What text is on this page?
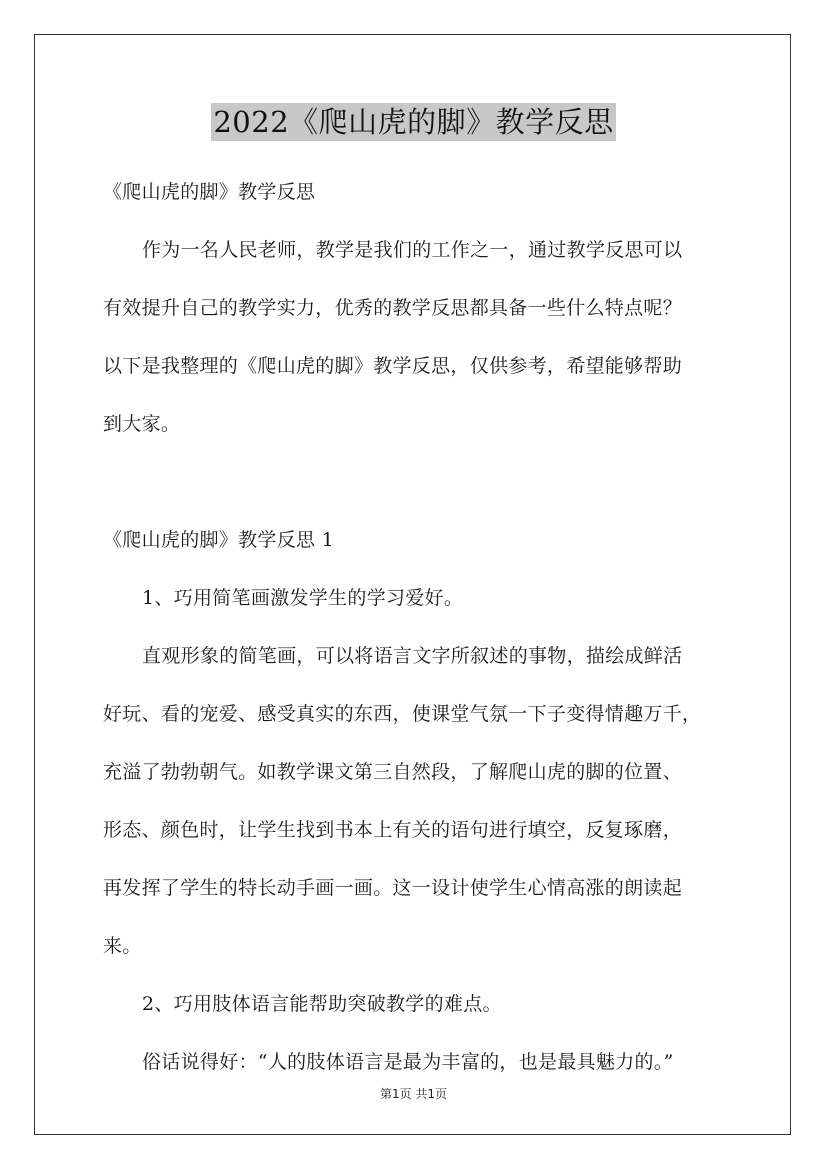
2022《爬山虎的脚》教学反思

《爬山虎的脚》教学反思

作为一名人民老师，教学是我们的工作之一，通过教学反思可以

有效提升自己的教学实力，优秀的教学反思都具备一些什么特点呢？

以下是我整理的《爬山虎的脚》教学反思，仅供参考，希望能够帮助

到大家。

《爬山虎的脚》教学反思 1

1、巧用简笔画激发学生的学习爱好。

直观形象的简笔画，可以将语言文字所叙述的事物，描绘成鲜活

好玩、看的宠爱、感受真实的东西，使课堂气氛一下子变得情趣万千，

充溢了勃勃朝气。如教学课文第三自然段，了解爬山虎的脚的位置、

形态、颜色时，让学生找到书本上有关的语句进行填空，反复琢磨，

再发挥了学生的特长动手画一画。这一设计使学生心情高涨的朗读起

来。

2、巧用肢体语言能帮助突破教学的难点。

俗话说得好：“人的肢体语言是最为丰富的，也是最具魅力的。”

第1页 共1页
